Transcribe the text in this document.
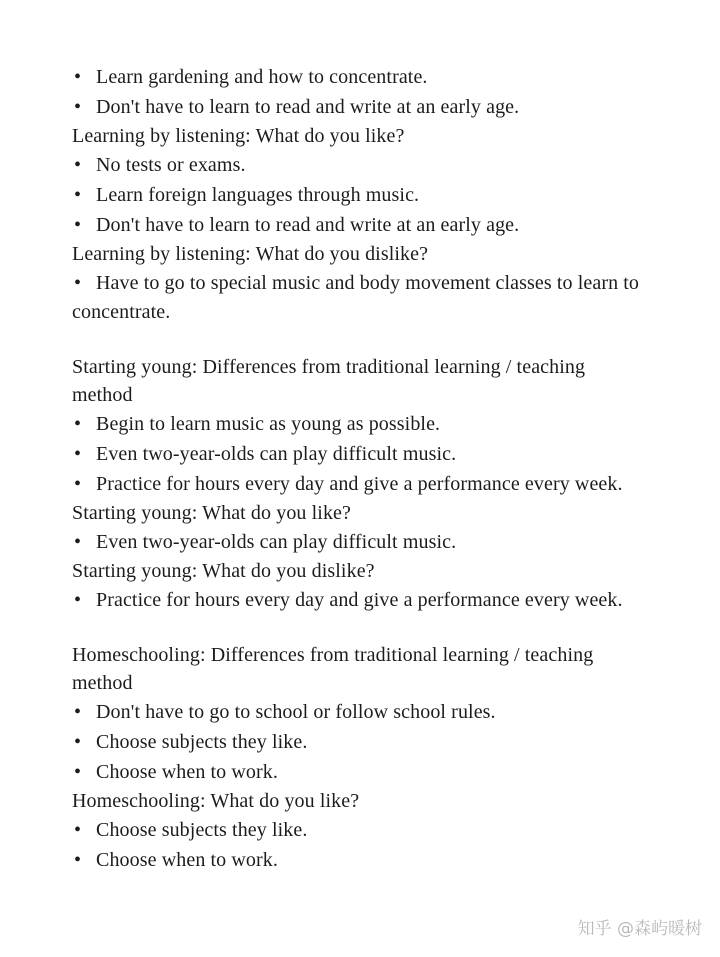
• Learn gardening and how to concentrate.
• Don't have to learn to read and write at an early age.
Learning by listening: What do you like?
• No tests or exams.
• Learn foreign languages through music.
• Don't have to learn to read and write at an early age.
Learning by listening: What do you dislike?
• Have to go to special music and body movement classes to learn to concentrate.
Starting young: Differences from traditional learning / teaching method
• Begin to learn music as young as possible.
• Even two-year-olds can play difficult music.
• Practice for hours every day and give a performance every week.
Starting young: What do you like?
• Even two-year-olds can play difficult music.
Starting young: What do you dislike?
• Practice for hours every day and give a performance every week.
Homeschooling: Differences from traditional learning / teaching method
• Don't have to go to school or follow school rules.
• Choose subjects they like.
• Choose when to work.
Homeschooling: What do you like?
• Choose subjects they like.
• Choose when to work.
知乎 @森屿暖树
